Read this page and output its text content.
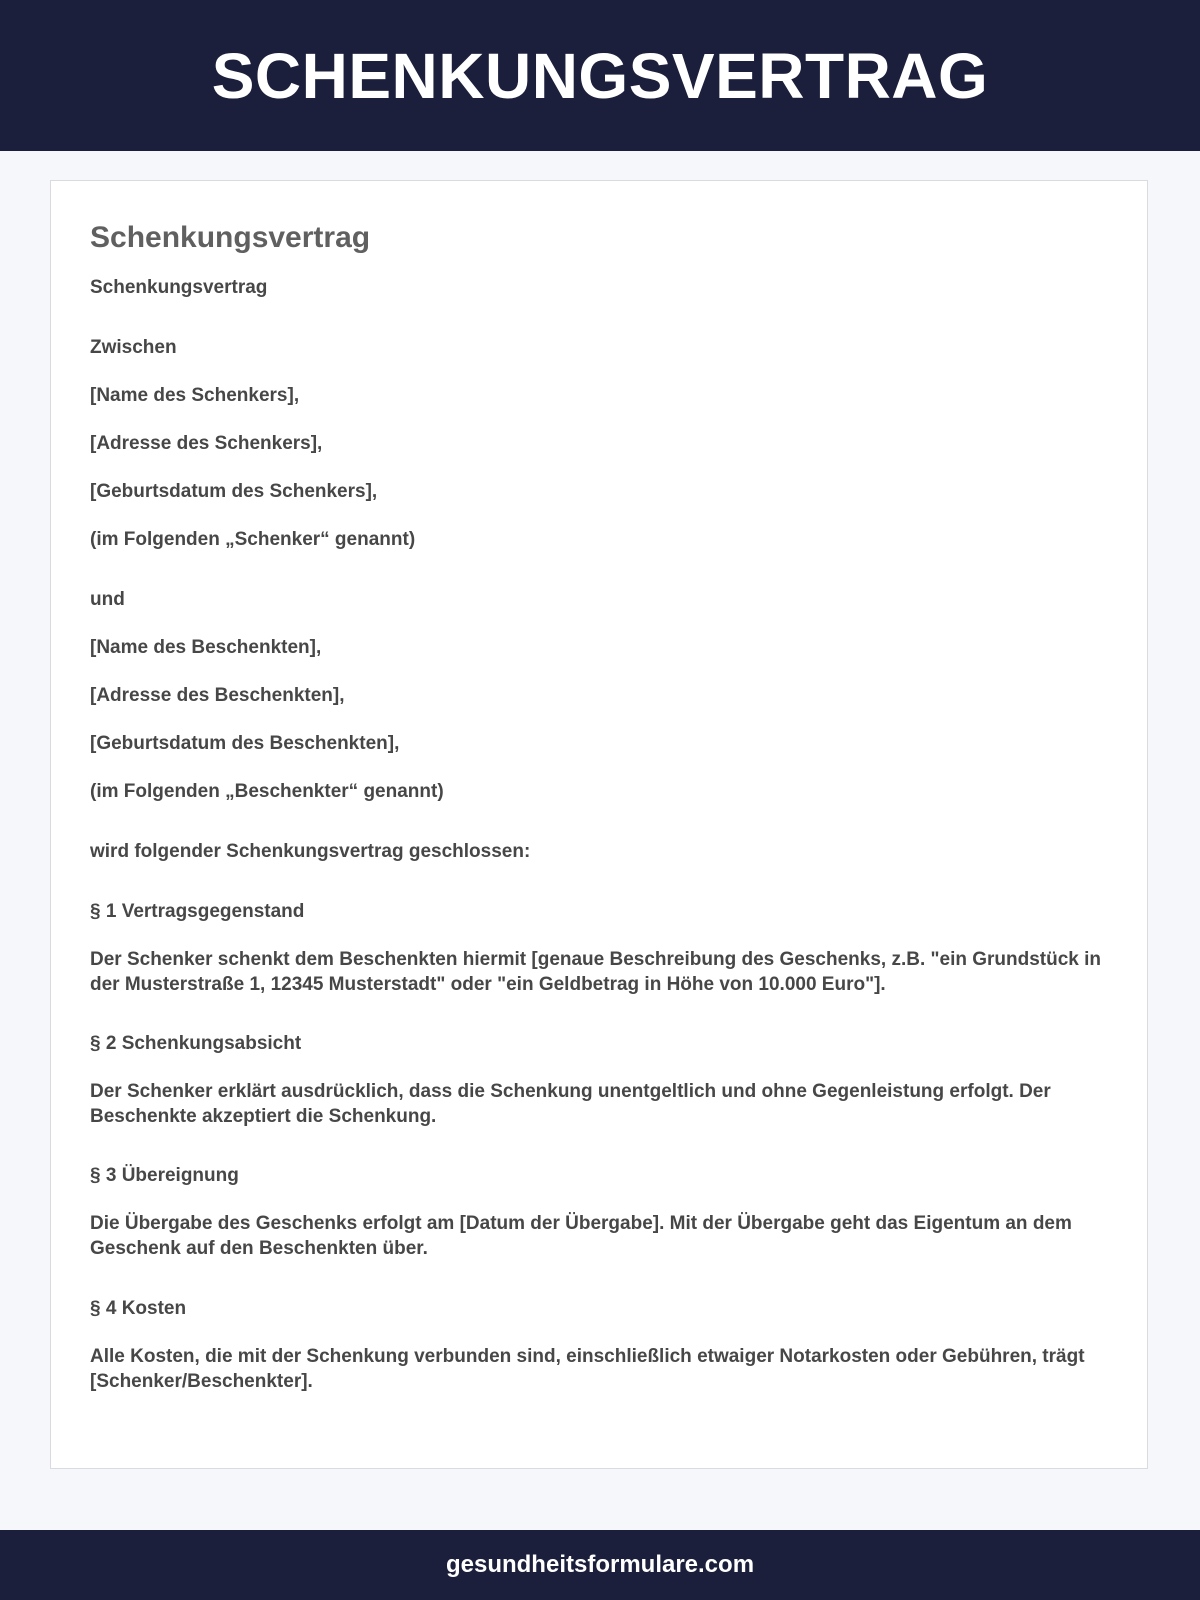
SCHENKUNGSVERTRAG
Schenkungsvertrag

Schenkungsvertrag

Zwischen

[Name des Schenkers],

[Adresse des Schenkers],

[Geburtsdatum des Schenkers],

(im Folgenden „Schenker“ genannt)

und

[Name des Beschenkten],

[Adresse des Beschenkten],

[Geburtsdatum des Beschenkten],

(im Folgenden „Beschenkter“ genannt)

wird folgender Schenkungsvertrag geschlossen:

§ 1 Vertragsgegenstand

Der Schenker schenkt dem Beschenkten hiermit [genaue Beschreibung des Geschenks, z.B. "ein Grundstück in der Musterstraße 1, 12345 Musterstadt" oder "ein Geldbetrag in Höhe von 10.000 Euro"].

§ 2 Schenkungsabsicht

Der Schenker erklärt ausdrücklich, dass die Schenkung unentgeltlich und ohne Gegenleistung erfolgt. Der Beschenkte akzeptiert die Schenkung.

§ 3 Übereignung

Die Übergabe des Geschenks erfolgt am [Datum der Übergabe]. Mit der Übergabe geht das Eigentum an dem Geschenk auf den Beschenkten über.

§ 4 Kosten

Alle Kosten, die mit der Schenkung verbunden sind, einschließlich etwaiger Notarkosten oder Gebühren, trägt [Schenker/Beschenkter].

gesundheitsformulare.com
